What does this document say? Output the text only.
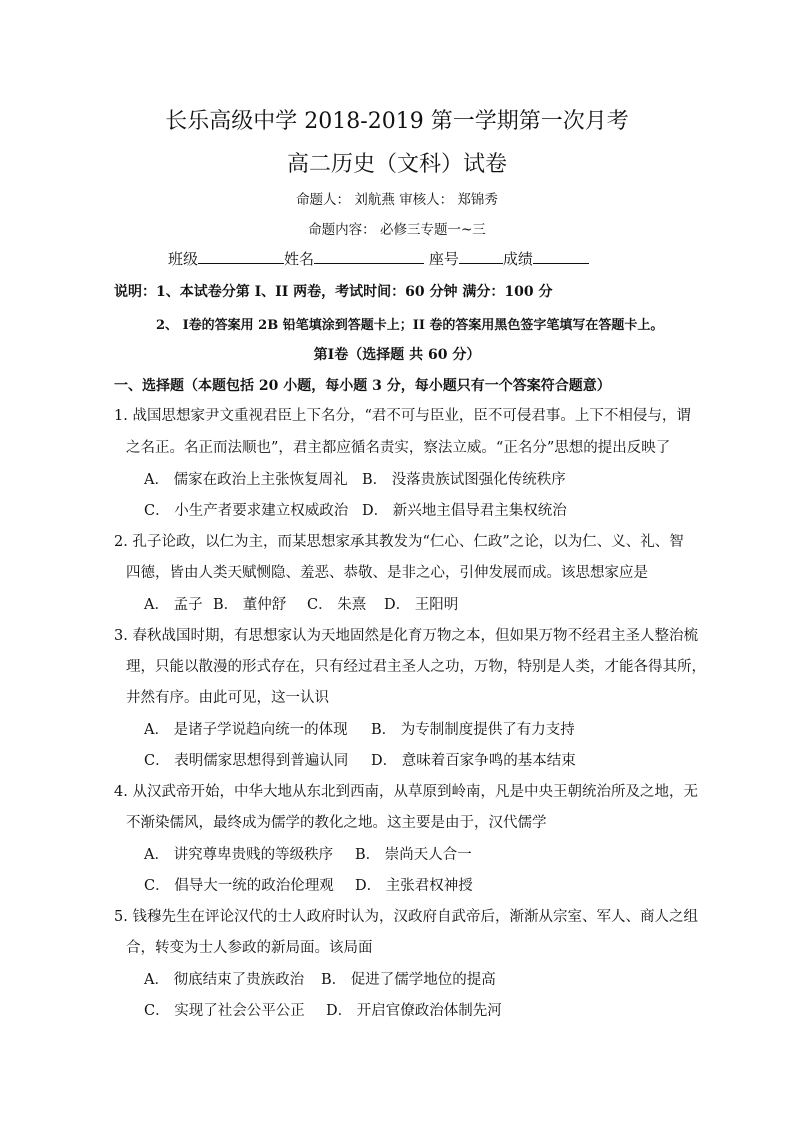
长乐高级中学 2018-2019 第一学期第一次月考
高二历史（文科）试卷
命题人： 刘航燕 审核人： 郑锦秀
命题内容： 必修三专题一~三
班级	姓名	座号	成绩
说明：1、本试卷分第 I、II 两卷，考试时间：60 分钟 满分：100 分
2、 Ⅰ卷的答案用 2B 铅笔填涂到答题卡上；II 卷的答案用黑色签字笔填写在答题卡上。
第Ⅰ卷（选择题 共 60 分）
一、选择题（本题包括 20 小题，每小题 3 分，每小题只有一个答案符合题意）
1. 战国思想家尹文重视君臣上下名分，“君不可与臣业，臣不可侵君事。上下不相侵与，谓
之名正。名正而法顺也”，君主都应循名责实，察法立威。“正名分”思想的提出反映了
A． 儒家在政治上主张恢复周礼 B． 没落贵族试图强化传统秩序
C． 小生产者要求建立权威政治 D． 新兴地主倡导君主集权统治
2. 孔子论政，以仁为主，而某思想家承其教发为“仁心、仁政”之论，以为仁、义、礼、智
四德，皆由人类天赋恻隐、羞恶、恭敬、是非之心，引伸发展而成。该思想家应是
A． 孟子 B． 董仲舒 C． 朱熹 D． 王阳明
3. 春秋战国时期，有思想家认为天地固然是化育万物之本，但如果万物不经君主圣人整治梳
理，只能以散漫的形式存在，只有经过君主圣人之功，万物，特别是人类，才能各得其所，
井然有序。由此可见，这一认识
A． 是诸子学说趋向统一的体现 B． 为专制制度提供了有力支持
C． 表明儒家思想得到普遍认同 D． 意味着百家争鸣的基本结束
4. 从汉武帝开始，中华大地从东北到西南，从草原到岭南，凡是中央王朝统治所及之地，无
不渐染儒风，最终成为儒学的教化之地。这主要是由于，汉代儒学
A． 讲究尊卑贵贱的等级秩序 B． 崇尚天人合一
C． 倡导大一统的政治伦理观 D． 主张君权神授
5. 钱穆先生在评论汉代的士人政府时认为，汉政府自武帝后，渐渐从宗室、军人、商人之组
合，转变为士人参政的新局面。该局面
A． 彻底结束了贵族政治 B． 促进了儒学地位的提高
C． 实现了社会公平公正 D． 开启官僚政治体制先河
